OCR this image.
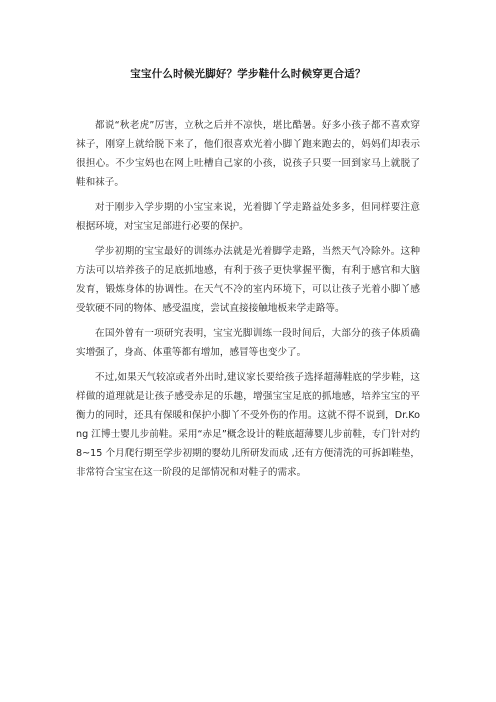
宝宝什么时候光脚好？学步鞋什么时候穿更合适？

都说“秋老虎”厉害，立秋之后并不凉快，堪比酷暑。好多小孩子都不喜欢穿袜子，刚穿上就给脱下来了，他们很喜欢光着小脚丫跑来跑去的，妈妈们却表示很担心。不少宝妈也在网上吐槽自己家的小孩，说孩子只要一回到家马上就脱了鞋和袜子。

对于刚步入学步期的小宝宝来说，光着脚丫学走路益处多多，但同样要注意根据环境，对宝宝足部进行必要的保护。

学步初期的宝宝最好的训练办法就是光着脚学走路，当然天气冷除外。这种方法可以培养孩子的足底抓地感，有利于孩子更快掌握平衡，有利于感官和大脑发育，锻炼身体的协调性。在天气不冷的室内环境下，可以让孩子光着小脚丫感受软硬不同的物体、感受温度，尝试直接接触地板来学走路等。

在国外曾有一项研究表明，宝宝光脚训练一段时间后，大部分的孩子体质确实增强了，身高、体重等都有增加，感冒等也变少了。

不过,如果天气较凉或者外出时,建议家长要给孩子选择超薄鞋底的学步鞋，这样做的道理就是让孩子感受赤足的乐趣，增强宝宝足底的抓地感，培养宝宝的平衡力的同时，还具有保暖和保护小脚丫不受外伤的作用。这就不得不说到，Dr.Kong 江博士婴儿步前鞋。采用“赤足”概念设计的鞋底超薄婴儿步前鞋，专门针对约 8~15 个月爬行期至学步初期的婴幼儿所研发而成 ,还有方便清洗的可拆卸鞋垫，非常符合宝宝在这一阶段的足部情况和对鞋子的需求。
